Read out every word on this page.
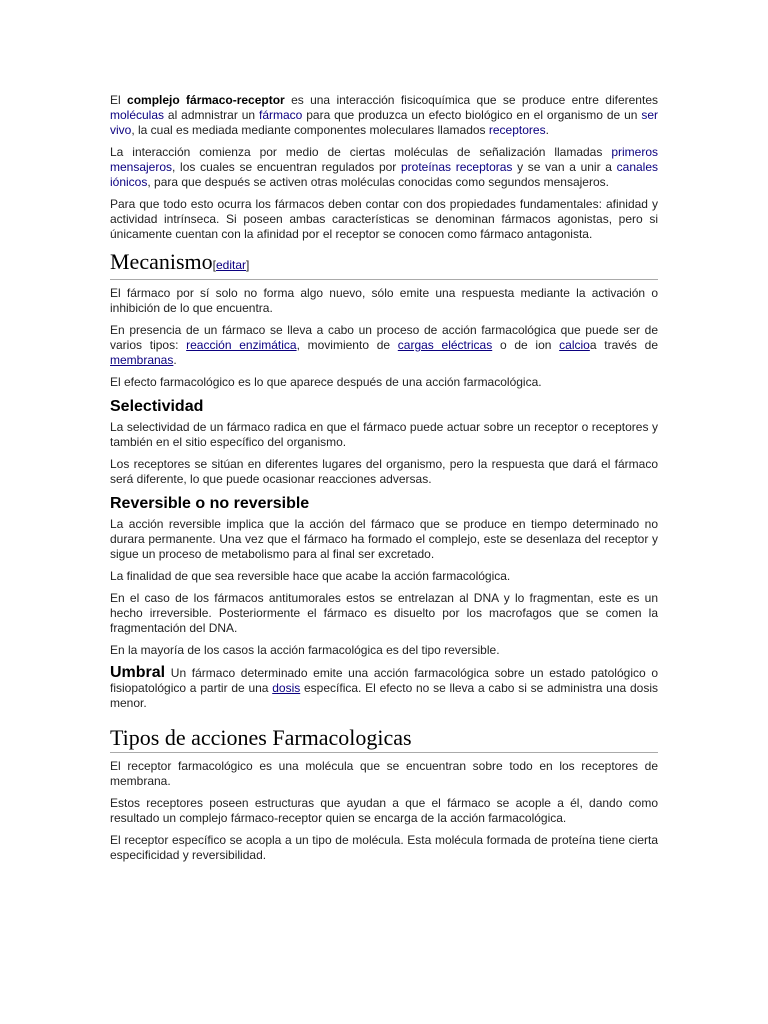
El complejo fármaco-receptor es una interacción fisicoquímica que se produce entre diferentes moléculas al admnistrar un fármaco para que produzca un efecto biológico en el organismo de un ser vivo, la cual es mediada mediante componentes moleculares llamados receptores.

La interacción comienza por medio de ciertas moléculas de señalización llamadas primeros mensajeros, los cuales se encuentran regulados por proteínas receptoras y se van a unir a canales iónicos, para que después se activen otras moléculas conocidas como segundos mensajeros.

Para que todo esto ocurra los fármacos deben contar con dos propiedades fundamentales: afinidad y actividad intrínseca. Si poseen ambas características se denominan fármacos agonistas, pero si únicamente cuentan con la afinidad por el receptor se conocen como fármaco antagonista.

Mecanismo[editar]

El fármaco por sí solo no forma algo nuevo, sólo emite una respuesta mediante la activación o inhibición de lo que encuentra.

En presencia de un fármaco se lleva a cabo un proceso de acción farmacológica que puede ser de varios tipos: reacción enzimática, movimiento de cargas eléctricas o de ion calcioa través de membranas.

El efecto farmacológico es lo que aparece después de una acción farmacológica.

Selectividad

La selectividad de un fármaco radica en que el fármaco puede actuar sobre un receptor o receptores y también en el sitio específico del organismo.

Los receptores se sitúan en diferentes lugares del organismo, pero la respuesta que dará el fármaco será diferente, lo que puede ocasionar reacciones adversas.

Reversible o no reversible

La acción reversible implica que la acción del fármaco que se produce en tiempo determinado no durara permanente. Una vez que el fármaco ha formado el complejo, este se desenlaza del receptor y sigue un proceso de metabolismo para al final ser excretado.

La finalidad de que sea reversible hace que acabe la acción farmacológica.

En el caso de los fármacos antitumorales estos se entrelazan al DNA y lo fragmentan, este es un hecho irreversible. Posteriormente el fármaco es disuelto por los macrofagos que se comen la fragmentación del DNA.

En la mayoría de los casos la acción farmacológica es del tipo reversible.

Umbral Un fármaco determinado emite una acción farmacológica sobre un estado patológico o fisiopatológico a partir de una dosis específica. El efecto no se lleva a cabo si se administra una dosis menor.

Tipos de acciones Farmacologicas

El receptor farmacológico es una molécula que se encuentran sobre todo en los receptores de membrana.

Estos receptores poseen estructuras que ayudan a que el fármaco se acople a él, dando como resultado un complejo fármaco-receptor quien se encarga de la acción farmacológica.

El receptor específico se acopla a un tipo de molécula. Esta molécula formada de proteína tiene cierta especificidad y reversibilidad.
